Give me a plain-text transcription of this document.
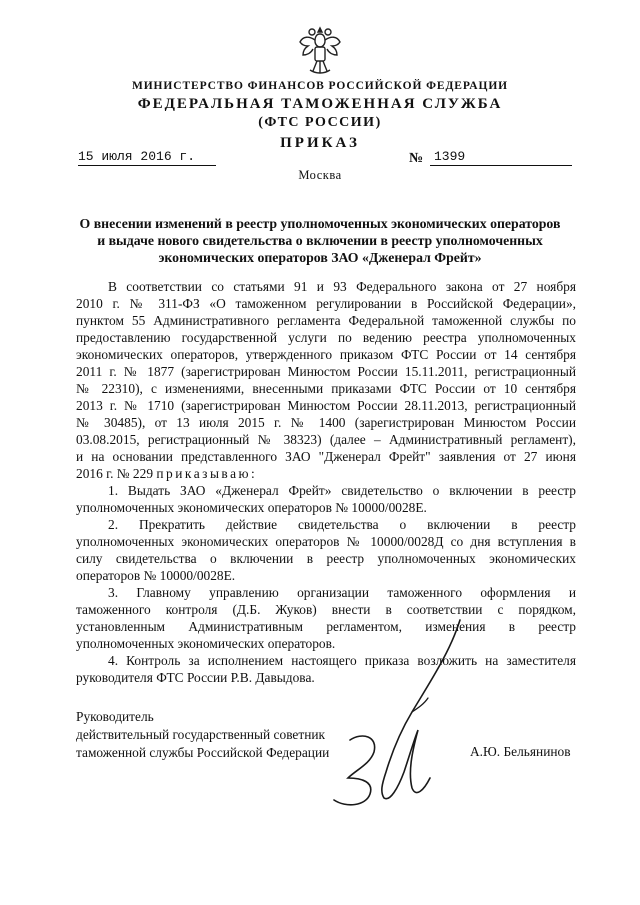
МИНИСТЕРСТВО ФИНАНСОВ РОССИЙСКОЙ ФЕДЕРАЦИИ
ФЕДЕРАЛЬНАЯ ТАМОЖЕННАЯ СЛУЖБА
(ФТС РОССИИ)
ПРИКАЗ
15 июля 2016 г.	№ 1399
Москва
О внесении изменений в реестр уполномоченных экономических операторов
и выдаче нового свидетельства о включении в реестр уполномоченных
экономических операторов ЗАО «Дженерал Фрейт»
В соответствии со статьями 91 и 93 Федерального закона от 27 ноября
2010 г. № 311-ФЗ «О таможенном регулировании в Российской Федерации»,
пунктом 55 Административного регламента Федеральной таможенной службы по
предоставлению государственной услуги по ведению реестра уполномоченных
экономических операторов, утвержденного приказом ФТС России от 14 сентября
2011 г. № 1877 (зарегистрирован Минюстом России 15.11.2011, регистрационный
№ 22310), с изменениями, внесенными приказами ФТС России от 10 сентября
2013 г. № 1710 (зарегистрирован Минюстом России 28.11.2013, регистрационный
№ 30485), от 13 июля 2015 г. № 1400 (зарегистрирован Минюстом России
03.08.2015, регистрационный № 38323) (далее – Административный регламент),
и на основании представленного ЗАО "Дженерал Фрейт" заявления от 27 июня
2016 г. № 229 приказываю:
1. Выдать ЗАО «Дженерал Фрейт» свидетельство о включении в реестр
уполномоченных экономических операторов № 10000/0028Е.
2. Прекратить действие свидетельства о включении в реестр
уполномоченных экономических операторов № 10000/0028Д со дня вступления в
силу свидетельства о включении в реестр уполномоченных экономических
операторов № 10000/0028Е.
3. Главному управлению организации таможенного оформления и
таможенного контроля (Д.Б. Жуков) внести в соответствии с порядком,
установленным Административным регламентом, изменения в реестр
уполномоченных экономических операторов.
4. Контроль за исполнением настоящего приказа возложить на заместителя
руководителя ФТС России Р.В. Давыдова.
Руководитель
действительный государственный советник
таможенной службы Российской Федерации	А.Ю. Бельянинов
